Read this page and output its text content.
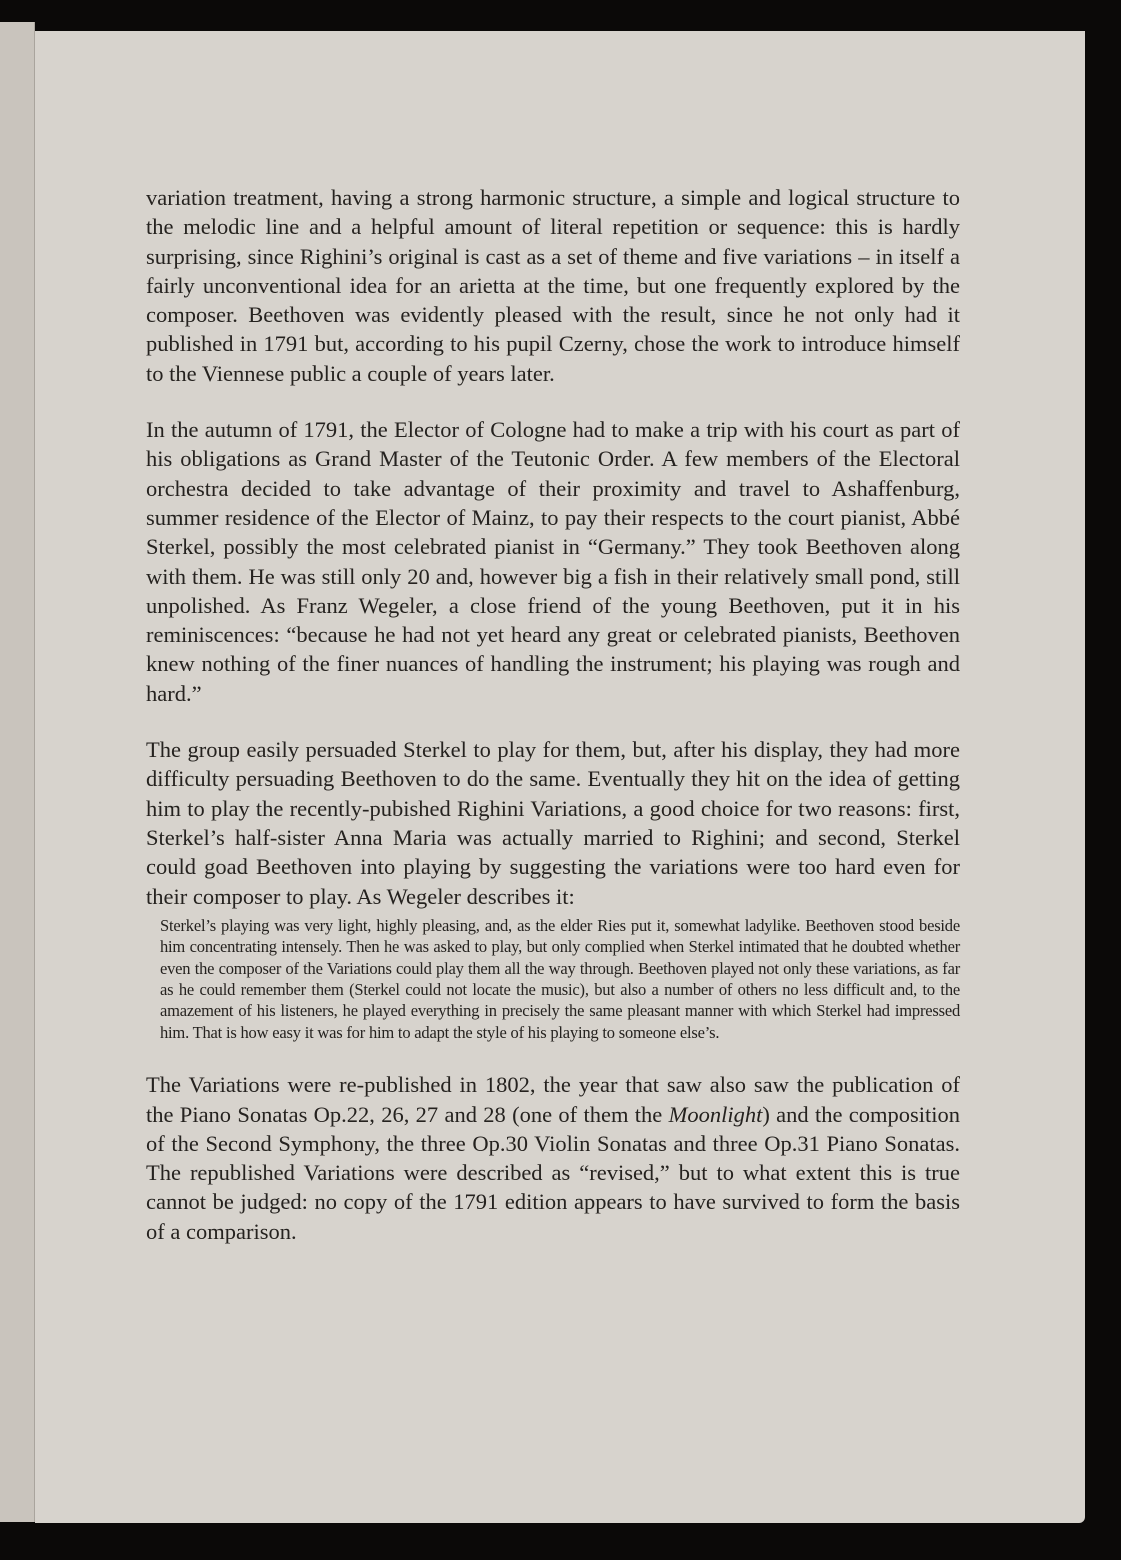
variation treatment, having a strong harmonic structure, a simple and logical structure to the melodic line and a helpful amount of literal repetition or sequence: this is hardly surprising, since Righini’s original is cast as a set of theme and five variations – in itself a fairly unconventional idea for an arietta at the time, but one frequently explored by the composer. Beethoven was evidently pleased with the result, since he not only had it published in 1791 but, according to his pupil Czerny, chose the work to introduce himself to the Viennese public a couple of years later.

In the autumn of 1791, the Elector of Cologne had to make a trip with his court as part of his obligations as Grand Master of the Teutonic Order. A few members of the Electoral orchestra decided to take advantage of their proximity and travel to Ashaffenburg, summer residence of the Elector of Mainz, to pay their respects to the court pianist, Abbé Sterkel, possibly the most celebrated pianist in “Germany.” They took Beethoven along with them. He was still only 20 and, however big a fish in their relatively small pond, still unpolished. As Franz Wegeler, a close friend of the young Beethoven, put it in his reminiscences: “because he had not yet heard any great or celebrated pianists, Beethoven knew nothing of the finer nuances of handling the instrument; his playing was rough and hard.”

The group easily persuaded Sterkel to play for them, but, after his display, they had more difficulty persuading Beethoven to do the same. Eventually they hit on the idea of getting him to play the recently-pubished Righini Variations, a good choice for two reasons: first, Sterkel’s half-sister Anna Maria was actually married to Righini; and second, Sterkel could goad Beethoven into playing by suggesting the variations were too hard even for their composer to play. As Wegeler describes it:

Sterkel’s playing was very light, highly pleasing, and, as the elder Ries put it, somewhat ladylike. Beethoven stood beside him concentrating intensely. Then he was asked to play, but only complied when Sterkel intimated that he doubted whether even the composer of the Variations could play them all the way through. Beethoven played not only these variations, as far as he could remember them (Sterkel could not locate the music), but also a number of others no less difficult and, to the amazement of his listeners, he played everything in precisely the same pleasant manner with which Sterkel had impressed him. That is how easy it was for him to adapt the style of his playing to someone else’s.

The Variations were re-published in 1802, the year that saw also saw the publication of the Piano Sonatas Op.22, 26, 27 and 28 (one of them the Moonlight) and the composition of the Second Symphony, the three Op.30 Violin Sonatas and three Op.31 Piano Sonatas. The republished Variations were described as “revised,” but to what extent this is true cannot be judged: no copy of the 1791 edition appears to have survived to form the basis of a comparison.
